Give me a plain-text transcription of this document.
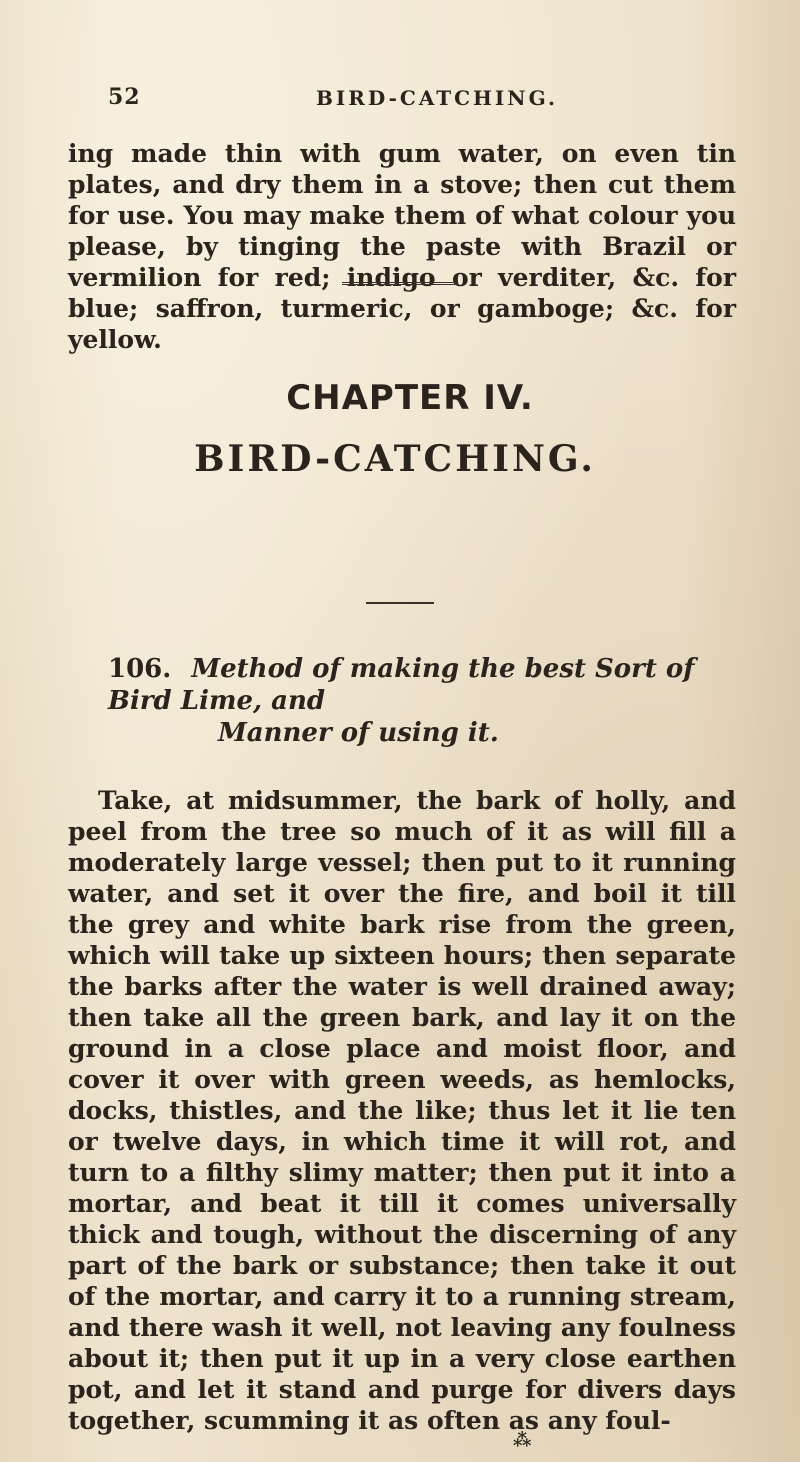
52	BIRD-CATCHING.

ing made thin with gum water, on even tin plates, and dry them in a stove; then cut them for use. You may make them of what colour you please, by tinging the paste with Brazil or vermilion for red; indigo or verditer, &c. for blue; saffron, turmeric, or gamboge; &c. for yellow.

CHAPTER IV.
BIRD-CATCHING.
106. Method of making the best Sort of Bird Lime, and
Manner of using it.

Take, at midsummer, the bark of holly, and peel from the tree so much of it as will fill a moderately large vessel; then put to it running water, and set it over the fire, and boil it till the grey and white bark rise from the green, which will take up sixteen hours; then separate the barks after the water is well drained away; then take all the green bark, and lay it on the ground in a close place and moist floor, and cover it over with green weeds, as hemlocks, docks, thistles, and the like; thus let it lie ten or twelve days, in which time it will rot, and turn to a filthy slimy matter; then put it into a mortar, and beat it till it comes universally thick and tough, without the discerning of any part of the bark or substance; then take it out of the mortar, and carry it to a running stream, and there wash it well, not leaving any foulness about it; then put it up in a very close earthen pot, and let it stand and purge for divers days together, scumming it as often as any foul-

⁂
